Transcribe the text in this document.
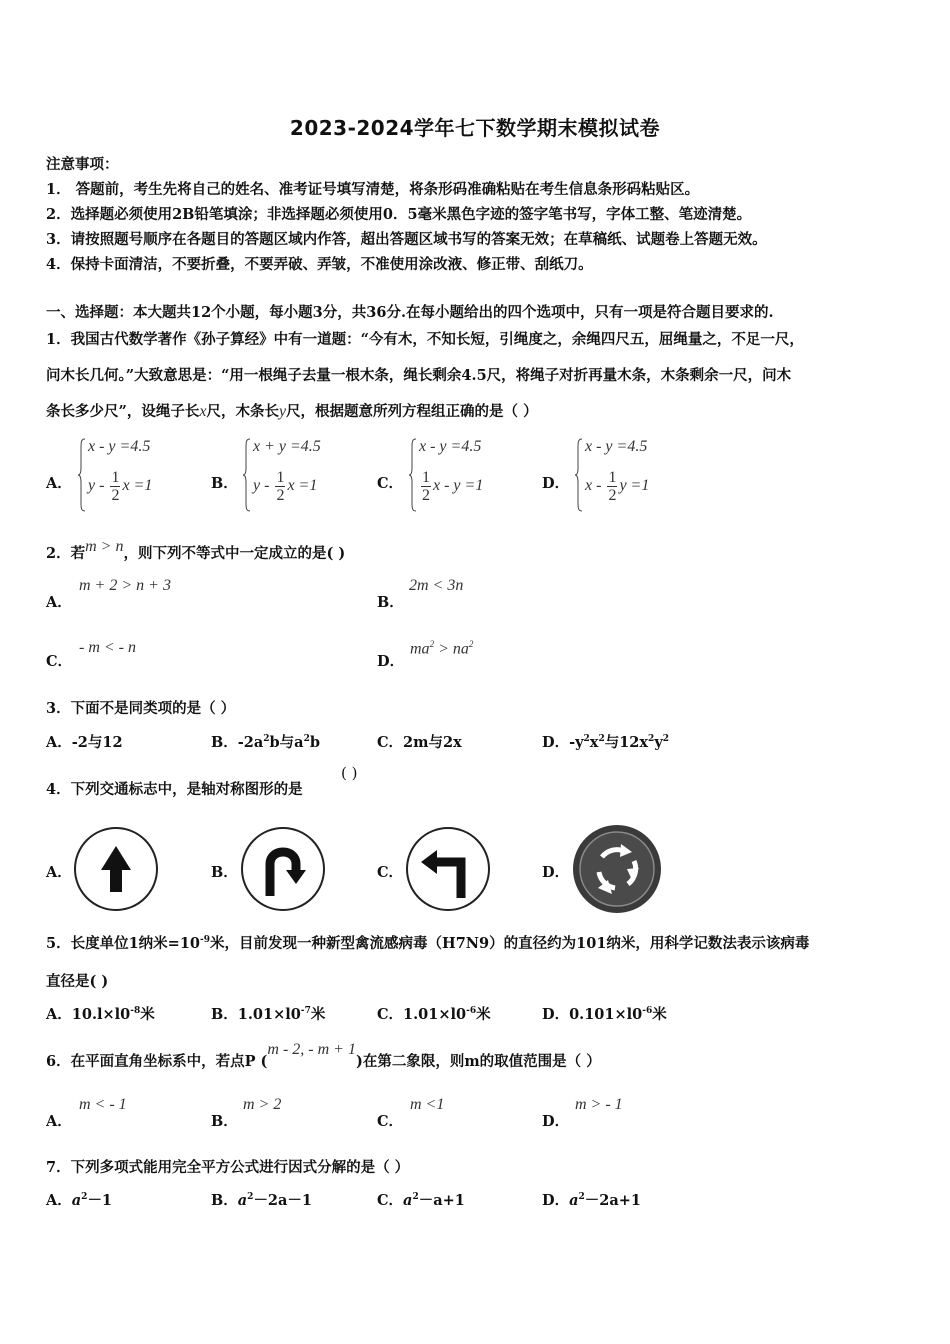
2023-2024学年七下数学期末模拟试卷
注意事项：
1． 答题前，考生先将自己的姓名、准考证号填写清楚，将条形码准确粘贴在考生信息条形码粘贴区。
2．选择题必须使用2B铅笔填涂；非选择题必须使用0．5毫米黑色字迹的签字笔书写，字体工整、笔迹清楚。
3．请按照题号顺序在各题目的答题区域内作答，超出答题区域书写的答案无效；在草稿纸、试题卷上答题无效。
4．保持卡面清洁，不要折叠，不要弄破、弄皱，不准使用涂改液、修正带、刮纸刀。
一、选择题：本大题共12个小题，每小题3分，共36分.在每小题给出的四个选项中，只有一项是符合题目要求的.
1．我国古代数学著作《孙子算经》中有一道题：“今有木，不知长短，引绳度之，余绳四尺五，屈绳量之，不足一尺，
问木长几何。”大致意思是：“用一根绳子去量一根木条，绳长剩余4.5尺，将绳子对折再量木条，木条剩余一尺，问木
条长多少尺”，设绳子长x尺，木条长y尺，根据题意所列方程组正确的是（ ）
A．
x - y =4.5
y - $\frac{1}{2}$ x =1	B．
x + y =4.5
y - $\frac{1}{2}$ x =1	C．
x - y =4.5
$\frac{1}{2}$ x - y =1	D．
x - y =4.5
x - $\frac{1}{2}$ y =1
2．若m > n，则下列不等式中一定成立的是( )
A．
m + 2 > n + 3
B．
2m < 3n
C．
- m < - n
D．
$ma^2 > na^2$
3．下面不是同类项的是（ ）
A．-2与12	B．$-2a^2b$与$a^2b$	C．2m与2x	D．$-y^2x^2$与$12x^2y^2$
4．下列交通标志中，是轴对称图形的是
( )
A．	B．	C．	D．
5．长度单位1纳米$=10^{-9}$米，目前发现一种新型禽流感病毒（H7N9）的直径约为101纳米，用科学记数法表示该病毒
直径是( )
A．$10.l\times l0^{-8}$米	B．$1.01\times l0^{-7}$米	C．$1.01\times l0^{-6}$米	D．$0.101\times l0^{-6}$米
6．在平面直角坐标系中，若点P (m - 2, - m + 1)在第二象限，则m的取值范围是（ ）
A．
m < - 1
B．
m > 2
C．
m <1
D．
m > - 1
7．下列多项式能用完全平方公式进行因式分解的是（ ）
A．$a^2-1$	B．$a^2-2a-1$	C．$a^2-a+1$	D．$a^2-2a+1$
